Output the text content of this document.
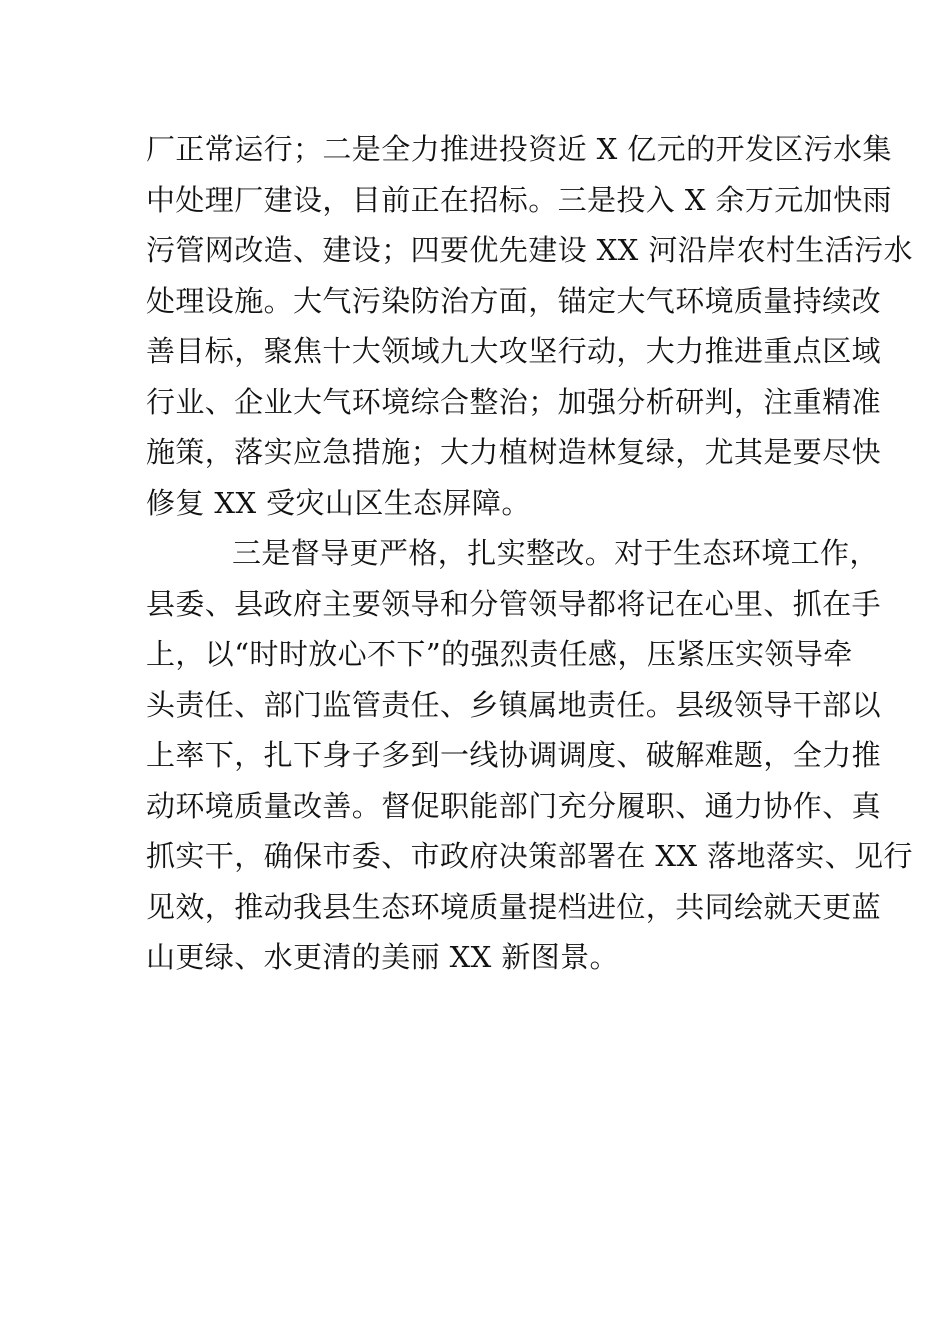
厂正常运行；二是全力推进投资近 X 亿元的开发区污水集
中处理厂建设，目前正在招标。三是投入 X 余万元加快雨
污管网改造、建设；四要优先建设 XX 河沿岸农村生活污水
处理设施。大气污染防治方面，锚定大气环境质量持续改
善目标，聚焦十大领域九大攻坚行动，大力推进重点区域
行业、企业大气环境综合整治；加强分析研判，注重精准
施策，落实应急措施；大力植树造林复绿，尤其是要尽快
修复 XX 受灾山区生态屏障。
三是督导更严格，扎实整改。对于生态环境工作，
县委、县政府主要领导和分管领导都将记在心里、抓在手
上，以“时时放心不下”的强烈责任感，压紧压实领导牵
头责任、部门监管责任、乡镇属地责任。县级领导干部以
上率下，扎下身子多到一线协调调度、破解难题，全力推
动环境质量改善。督促职能部门充分履职、通力协作、真
抓实干，确保市委、市政府决策部署在 XX 落地落实、见行
见效，推动我县生态环境质量提档进位，共同绘就天更蓝
山更绿、水更清的美丽 XX 新图景。
